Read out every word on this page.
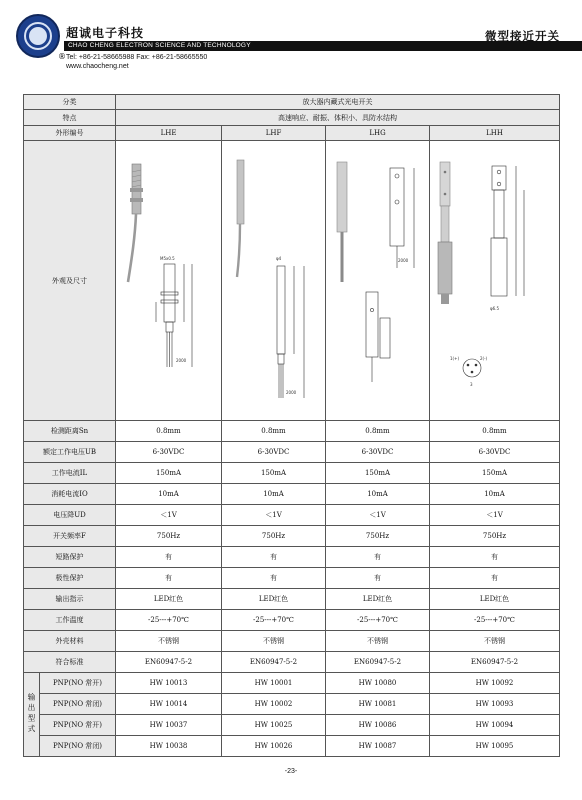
®
超诚电子科技
CHAO CHENG ELECTRON SCIENCE AND TECHNOLOGY
Tel: +86-21-58665988 Fax: +86-21-58665550
www.chaocheng.net
微型接近开关
分类		放大器内藏式光电开关			
特点		高速响应、耐振、体积小、具防水结构			
外形编号		LHE	LHF	LHG	LHH
外观及尺寸		M5x0.5
2000	φ4
2000	2000	φ6.5
1(+) 2(-)
3

检测距离Sn		0.8mm	0.8mm	0.8mm	0.8mm
额定工作电压UB		6-30VDC	6-30VDC	6-30VDC	6-30VDC
工作电流IL		150mA	150mA	150mA	150mA
消耗电流IO		10mA	10mA	10mA	10mA
电压降UD		＜1V	＜1V	＜1V	＜1V
开关频率F		750Hz	750Hz	750Hz	750Hz
短路保护		有	有	有	有
极性保护		有	有	有	有
输出指示		LED红色	LED红色	LED红色	LED红色
工作温度		-25---+70℃	-25---+70℃	-25---+70℃	-25---+70℃
外壳材料		不锈钢	不锈钢	不锈钢	不锈钢
符合标准		EN60947-5-2	EN60947-5-2	EN60947-5-2	EN60947-5-2
输出型式	PNP(NO 常开)	HW 10013	HW 10001	HW 10080	HW 10092
	PNP(NO 常闭)	HW 10014	HW 10002	HW 10081	HW 10093
	PNP(NO 常开)	HW 10037	HW 10025	HW 10086	HW 10094
	PNP(NO 常闭)	HW 10038	HW 10026	HW 10087	HW 10095
-23-
